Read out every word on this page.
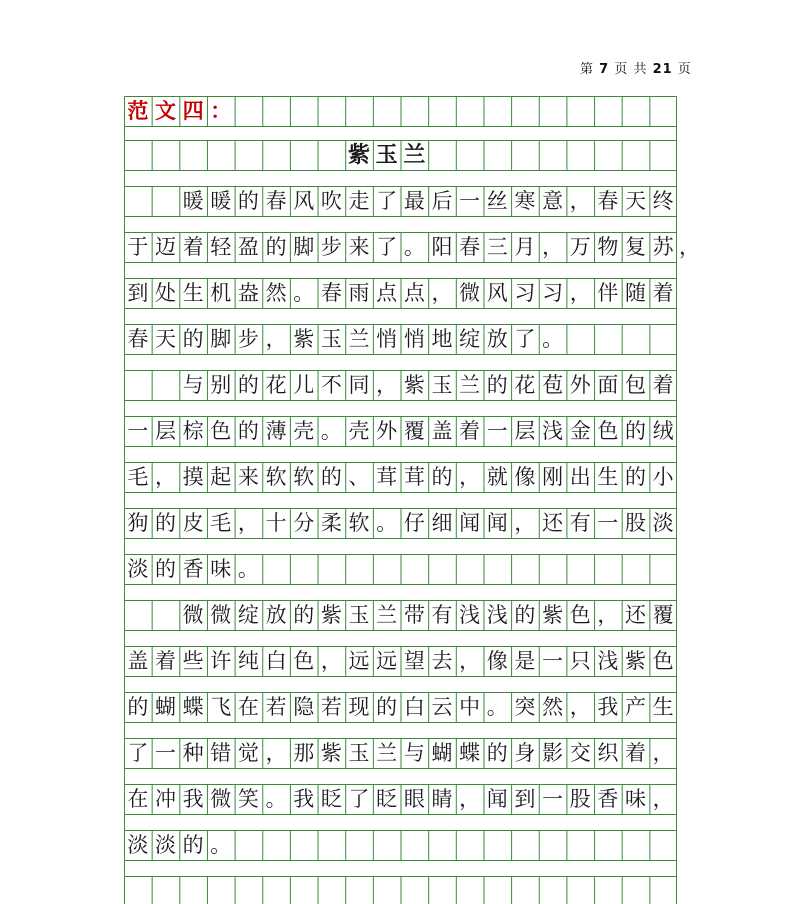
第 7 页 共 21 页
范 文 四 ：
紫 玉 兰
暖 暖 的 春 风 吹 走 了 最 后 一 丝 寒 意 ， 春 天 终
于 迈 着 轻 盈 的 脚 步 来 了 。 阳 春 三 月 ， 万 物 复 苏 ，
到 处 生 机 盎 然 。 春 雨 点 点 ， 微 风 习 习 ， 伴 随 着
春 天 的 脚 步 ， 紫 玉 兰 悄 悄 地 绽 放 了 。
与 别 的 花 儿 不 同 ， 紫 玉 兰 的 花 苞 外 面 包 着
一 层 棕 色 的 薄 壳 。 壳 外 覆 盖 着 一 层 浅 金 色 的 绒
毛 ， 摸 起 来 软 软 的 、 茸 茸 的 ， 就 像 刚 出 生 的 小
狗 的 皮 毛 ， 十 分 柔 软 。 仔 细 闻 闻 ， 还 有 一 股 淡
淡 的 香 味 。
微 微 绽 放 的 紫 玉 兰 带 有 浅 浅 的 紫 色 ， 还 覆
盖 着 些 许 纯 白 色 ， 远 远 望 去 ， 像 是 一 只 浅 紫 色
的 蝴 蝶 飞 在 若 隐 若 现 的 白 云 中 。 突 然 ， 我 产 生
了 一 种 错 觉 ， 那 紫 玉 兰 与 蝴 蝶 的 身 影 交 织 着 ，
在 冲 我 微 笑 。 我 眨 了 眨 眼 睛 ， 闻 到 一 股 香 味 ，
淡 淡 的 。
